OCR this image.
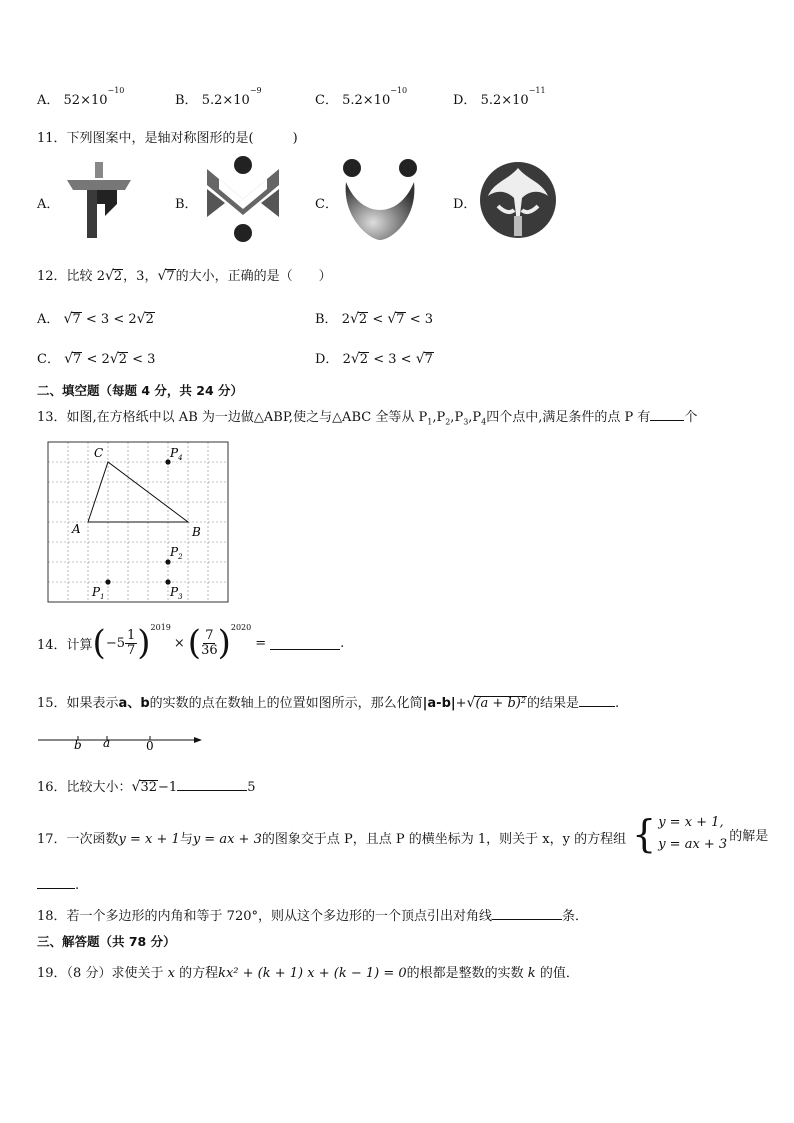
A． $52\times 10^{-10}$
B． $5.2\times 10^{-9}$
C． $5.2\times 10^{-10}$
D． $5.2\times 10^{-11}$
11．下列图案中，是轴对称图形的是(　　　)
A．	B．	C．	D．
12．比较 2√2，3，√7的大小，正确的是（　　）
A． √7 < 3 < 2√2	B． 2√2 < √7 < 3
C． √7 < 2√2 < 3	D． 2√2 < 3 < √7
二、填空题（每题 4 分，共 24 分）
13．如图,在方格纸中以 AB 为一边做△ABP,使之与△ABC 全等从 $P_1,P_2,P_3,P_4$四个点中,满足条件的点 P 有	个
A	B
C	$P_4$
$P_2$
$P_1$	$P_3$
14．计算 ( $-5 \frac{1}{7} )^{2019}$
× ( $\frac{7}{36} )^{2020}$
=	.
15．如果表示a、b的实数的点在数轴上的位置如图所示，那么化简$|a-b|+√(a + b)^2$的结果是	.
b a	0
16．比较大小：√32−1	5
17．一次函数y = x + 1与y = ax + 3的图象交于点 P，且点 P 的横坐标为 1，则关于 x，y 的方程组 { y = x + 1,
y = ax + 3
的解是
.
18．若一个多边形的内角和等于 720°，则从这个多边形的一个顶点引出对角线	条．
三、解答题（共 78 分）
19．（8 分）求使关于 x 的方程kx² + (k + 1) x + (k − 1) = 0的根都是整数的实数 k 的值．
